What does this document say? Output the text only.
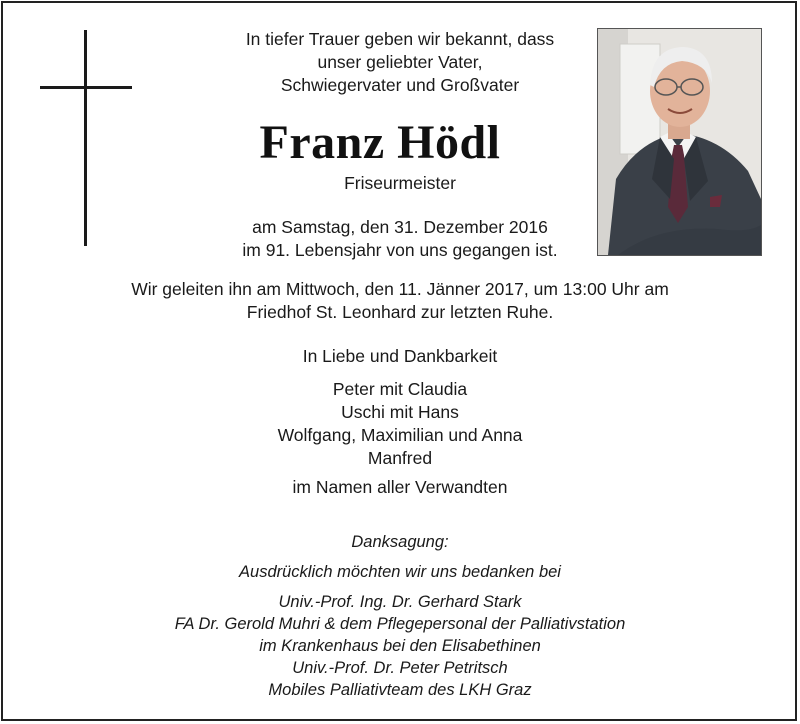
In tiefer Trauer geben wir bekannt, dass
unser geliebter Vater,
Schwiegervater und Großvater
Franz Hödl
Friseurmeister
am Samstag, den 31. Dezember 2016
im 91. Lebensjahr von uns gegangen ist.
Wir geleiten ihn am Mittwoch, den 11. Jänner 2017, um 13:00 Uhr am
Friedhof St. Leonhard zur letzten Ruhe.
In Liebe und Dankbarkeit
Peter mit Claudia
Uschi mit Hans
Wolfgang, Maximilian und Anna
Manfred
im Namen aller Verwandten
Danksagung:
Ausdrücklich möchten wir uns bedanken bei
Univ.-Prof. Ing. Dr. Gerhard Stark
FA Dr. Gerold Muhri & dem Pflegepersonal der Palliativstation
im Krankenhaus bei den Elisabethinen
Univ.-Prof. Dr. Peter Petritsch
Mobiles Palliativteam des LKH Graz
